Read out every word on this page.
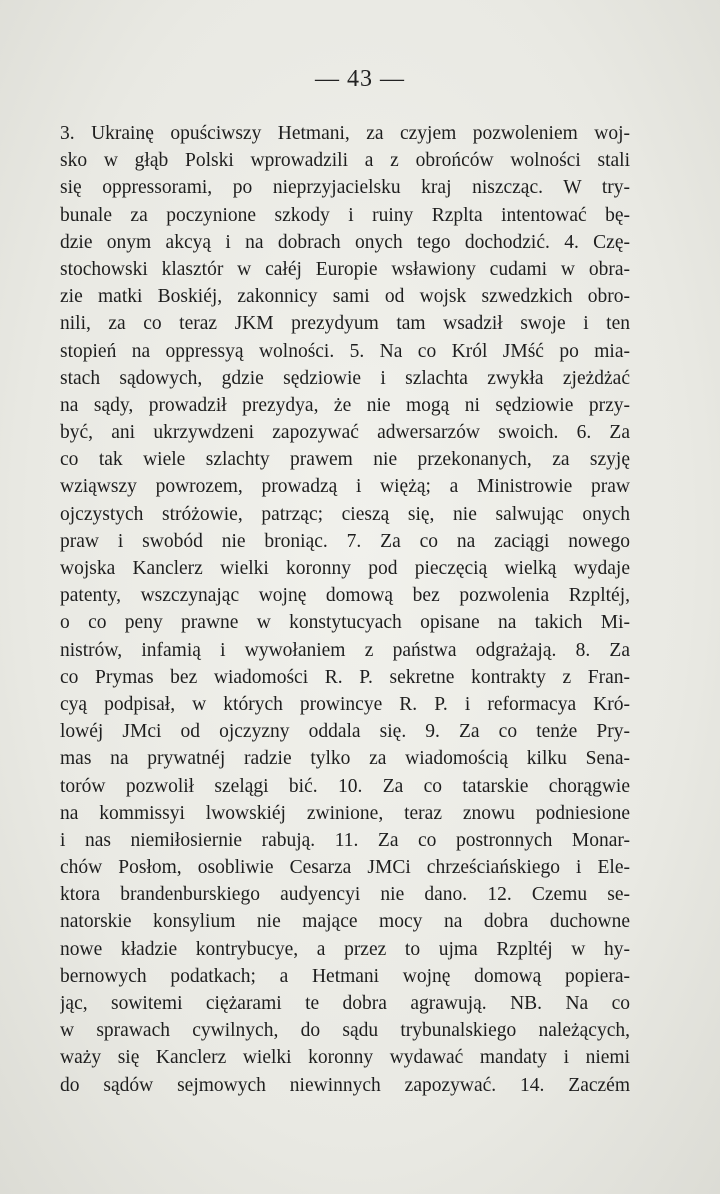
— 43 —
3. Ukrainę opuściwszy Hetmani, za czyjem pozwoleniem woj-
sko w głąb Polski wprowadzili a z obrońców wolności stali
się oppressorami, po nieprzyjacielsku kraj niszcząc. W try-
bunale za poczynione szkody i ruiny Rzplta intentować bę-
dzie onym akcyą i na dobrach onych tego dochodzić. 4. Czę-
stochowski klasztór w całéj Europie wsławiony cudami w obra-
zie matki Boskiéj, zakonnicy sami od wojsk szwedzkich obro-
nili, za co teraz JKM prezydyum tam wsadził swoje i ten
stopień na oppressyą wolności. 5. Na co Król JMść po mia-
stach sądowych, gdzie sędziowie i szlachta zwykła zjeżdżać
na sądy, prowadził prezydya, że nie mogą ni sędziowie przy-
być, ani ukrzywdzeni zapozywać adwersarzów swoich. 6. Za
co tak wiele szlachty prawem nie przekonanych, za szyję
wziąwszy powrozem, prowadzą i więżą; a Ministrowie praw
ojczystych stróżowie, patrząc; cieszą się, nie salwując onych
praw i swobód nie broniąc. 7. Za co na zaciągi nowego
wojska Kanclerz wielki koronny pod pieczęcią wielką wydaje
patenty, wszczynając wojnę domową bez pozwolenia Rzpltéj,
o co peny prawne w konstytucyach opisane na takich Mi-
nistrów, infamią i wywołaniem z państwa odgrażają. 8. Za
co Prymas bez wiadomości R. P. sekretne kontrakty z Fran-
cyą podpisał, w których prowincye R. P. i reformacya Kró-
lowéj JMci od ojczyzny oddala się. 9. Za co tenże Pry-
mas na prywatnéj radzie tylko za wiadomością kilku Sena-
torów pozwolił szelągi bić. 10. Za co tatarskie chorągwie
na kommissyi lwowskiéj zwinione, teraz znowu podniesione
i nas niemiłosiernie rabują. 11. Za co postronnych Monar-
chów Posłom, osobliwie Cesarza JMCi chrześciańskiego i Ele-
ktora brandenburskiego audyencyi nie dano. 12. Czemu se-
natorskie konsylium nie mające mocy na dobra duchowne
nowe kładzie kontrybucye, a przez to ujma Rzpltéj w hy-
bernowych podatkach; a Hetmani wojnę domową popiera-
jąc, sowitemi ciężarami te dobra agrawują. NB. Na co
w sprawach cywilnych, do sądu trybunalskiego należących,
waży się Kanclerz wielki koronny wydawać mandaty i niemi
do sądów sejmowych niewinnych zapozywać. 14. Zaczém
